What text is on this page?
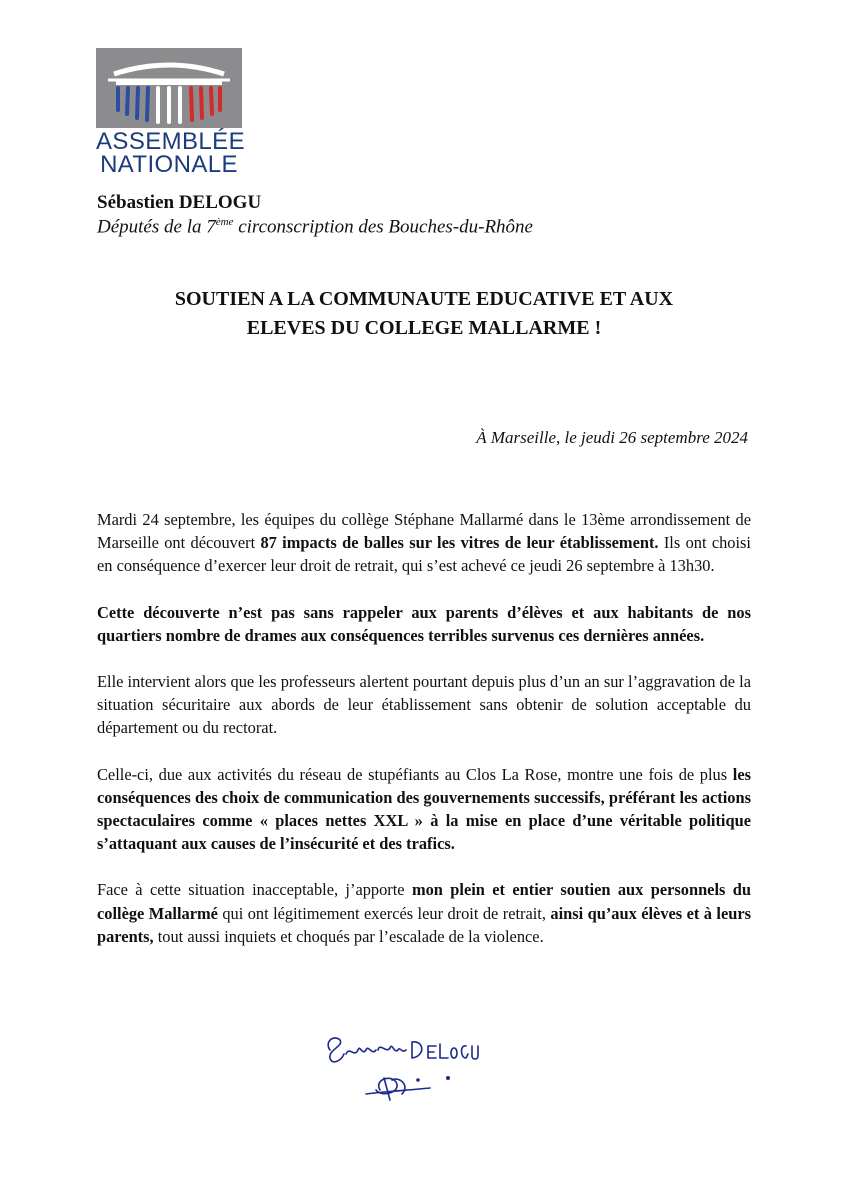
ASSEMBLÉE
NATIONALE
Sébastien DELOGU
Députés de la 7ème circonscription des Bouches-du-Rhône
SOUTIEN A LA COMMUNAUTE EDUCATIVE ET AUX
ELEVES DU COLLEGE MALLARME !
À Marseille, le jeudi 26 septembre 2024

Mardi 24 septembre, les équipes du collège Stéphane Mallarmé dans le 13ème arrondissement de Marseille ont découvert 87 impacts de balles sur les vitres de leur établissement. Ils ont choisi en conséquence d’exercer leur droit de retrait, qui s’est achevé ce jeudi 26 septembre à 13h30.

Cette découverte n’est pas sans rappeler aux parents d’élèves et aux habitants de nos quartiers nombre de drames aux conséquences terribles survenus ces dernières années.

Elle intervient alors que les professeurs alertent pourtant depuis plus d’un an sur l’aggravation de la situation sécuritaire aux abords de leur établissement sans obtenir de solution acceptable du département ou du rectorat.

Celle-ci, due aux activités du réseau de stupéfiants au Clos La Rose, montre une fois de plus les conséquences des choix de communication des gouvernements successifs, préférant les actions spectaculaires comme « places nettes XXL » à la mise en place d’une véritable politique s’attaquant aux causes de l’insécurité et des trafics.

Face à cette situation inacceptable, j’apporte mon plein et entier soutien aux personnels du collège Mallarmé qui ont légitimement exercés leur droit de retrait, ainsi qu’aux élèves et à leurs parents, tout aussi inquiets et choqués par l’escalade de la violence.
